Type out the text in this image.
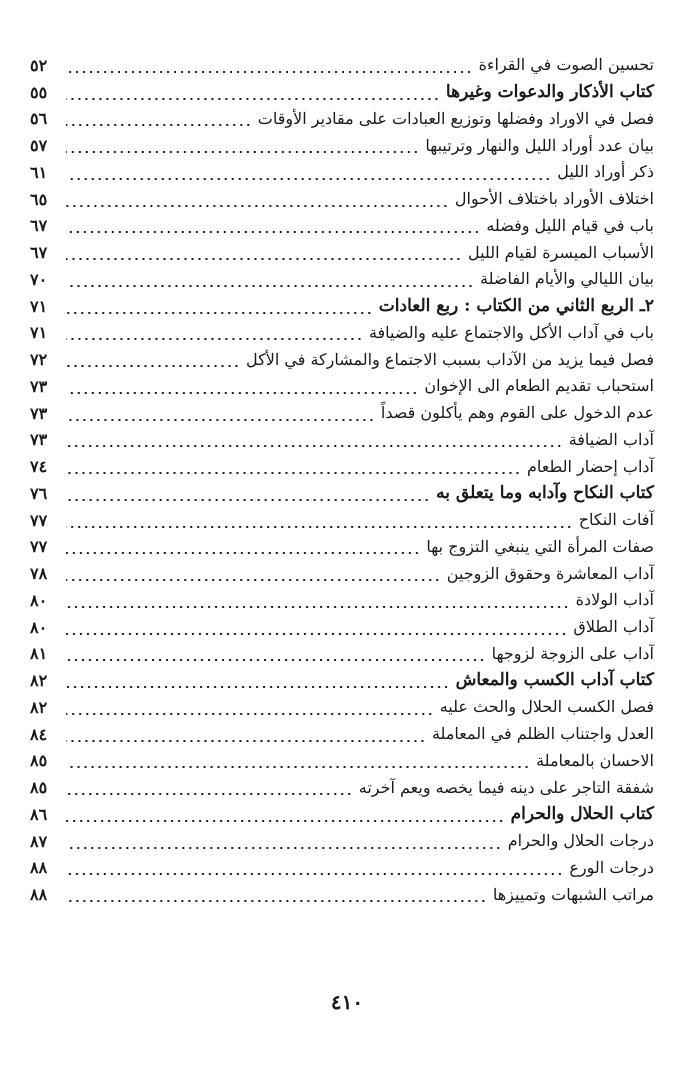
تحسين الصوت في القراءة
٥٢
كتاب الأذكار والدعوات وغيرها
٥٥
فصل في الاوراد وفضلها وتوزيع العبادات على مقادير الأوقات
٥٦
بيان عدد أوراد الليل والنهار وترتيبها
٥٧
ذكر أوراد الليل
٦١
اختلاف الأوراد باختلاف الأحوال
٦٥
باب في قيام الليل وفضله
٦٧
الأسباب الميسرة لقيام الليل
٦٧
بيان الليالي والأيام الفاضلة
٧٠
٢ـ الربع الثاني من الكتاب : ربع العادات
٧١
باب في آداب الأكل والاجتماع عليه والضيافة
٧١
فصل فيما يزيد من الآداب بسبب الاجتماع والمشاركة في الأكل
٧٢
استحباب تقديم الطعام الى الإخوان
٧٣
عدم الدخول على القوم وهم يأكلون قصداً
٧٣
آداب الضيافة
٧٣
آداب إحضار الطعام
٧٤
كتاب النكاح وآدابه وما يتعلق به
٧٦
آفات النكاح
٧٧
صفات المرأة التي ينبغي التزوج بها
٧٧
آداب المعاشرة وحقوق الزوجين
٧٨
آداب الولادة
٨٠
آداب الطلاق
٨٠
آداب على الزوجة لزوجها
٨١
كتاب آداب الكسب والمعاش
٨٢
فصل الكسب الحلال والحث عليه
٨٢
العدل واجتناب الظلم في المعاملة
٨٤
الاحسان بالمعاملة
٨٥
شفقة التاجر على دينه فيما يخصه ويعم آخرته
٨٥
كتاب الحلال والحرام
٨٦
درجات الحلال والحرام
٨٧
درجات الورع
٨٨
مراتب الشبهات وتمييزها
٨٨
٤١٠
